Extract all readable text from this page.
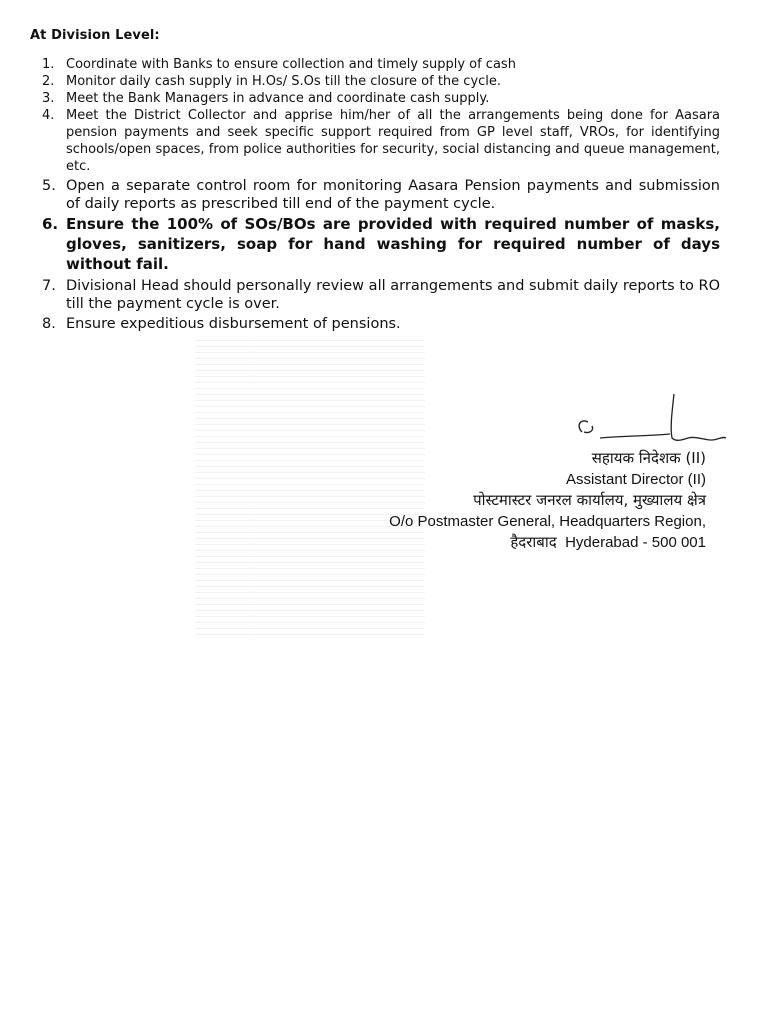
At Division Level:
1. Coordinate with Banks to ensure collection and timely supply of cash
2. Monitor daily cash supply in H.Os/ S.Os till the closure of the cycle.
3. Meet the Bank Managers in advance and coordinate cash supply.
4. Meet the District Collector and apprise him/her of all the arrangements being done for Aasara pension payments and seek specific support required from GP level staff, VROs, for identifying schools/open spaces, from police authorities for security, social distancing and queue management, etc.
5. Open a separate control room for monitoring Aasara Pension payments and submission of daily reports as prescribed till end of the payment cycle.
6. Ensure the 100% of SOs/BOs are provided with required number of masks, gloves, sanitizers, soap for hand washing for required number of days without fail.
7. Divisional Head should personally review all arrangements and submit daily reports to RO till the payment cycle is over.
8. Ensure expeditious disbursement of pensions.
सहायक निदेशक (II)
Assistant Director (II)
पोस्टमास्टर जनरल कार्यालय, मुख्यालय क्षेत्र
O/o Postmaster General, Headquarters Region,
हैदराबाद Hyderabad - 500 001
